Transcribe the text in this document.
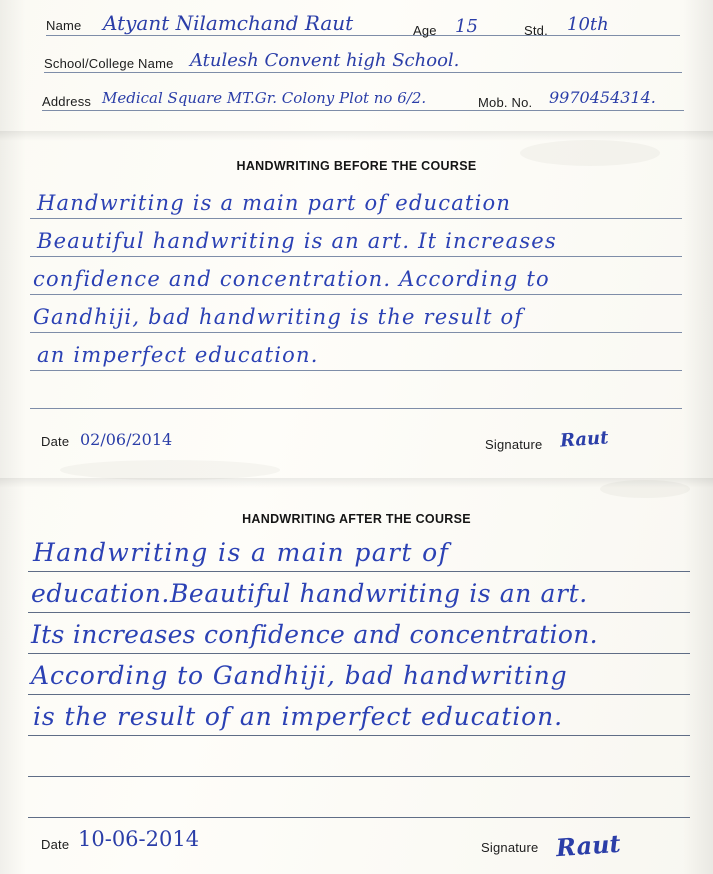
Name Atyant Nilamchand Raut	Age 15	Std. 10th
School/College Name Atulesh Convent high School.
Address Medical Square MT.Gr. Colony Plot no 6/2.	Mob. No. 9970454314.
HANDWRITING BEFORE THE COURSE
Handwriting is a main part of education
Beautiful handwriting is an art. It increases
confidence and concentration. According to
Gandhiji, bad handwriting is the result of
an imperfect education.
Date 02/06/2014	Signature Raut
HANDWRITING AFTER THE COURSE
Handwriting is a main part of
education.Beautiful handwriting is an art.
Its increases confidence and concentration.
According to Gandhiji, bad handwriting
is the result of an imperfect education.
Date 10-06-2014	Signature Raut
